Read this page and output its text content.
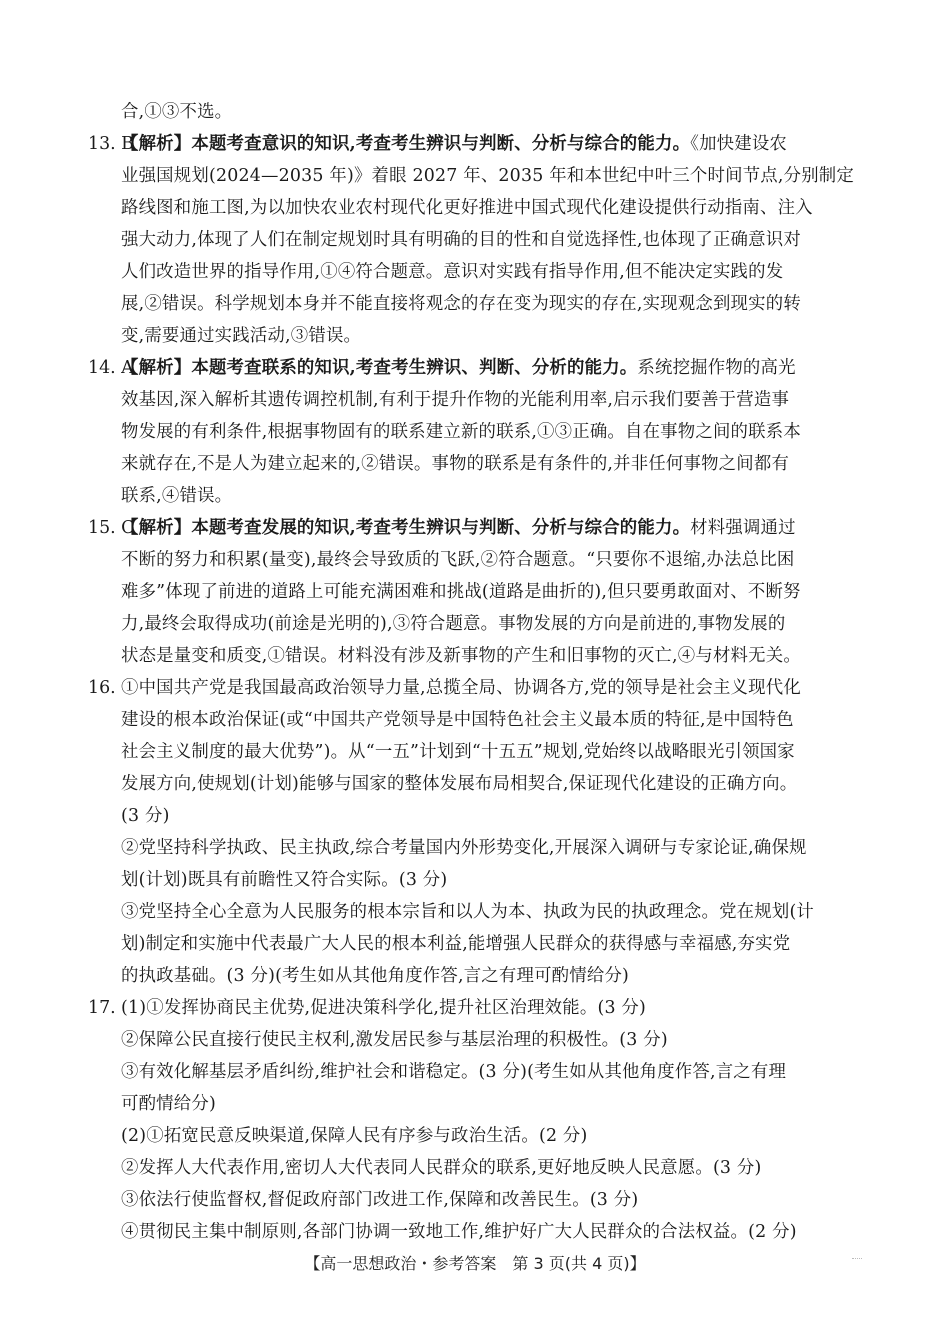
合,①③不选。
13. B
【解析】本题考查意识的知识,考查考生辨识与判断、分析与综合的能力。《加快建设农
业强国规划(2024—2035 年)》着眼 2027 年、2035 年和本世纪中叶三个时间节点,分别制定
路线图和施工图,为以加快农业农村现代化更好推进中国式现代化建设提供行动指南、注入
强大动力,体现了人们在制定规划时具有明确的目的性和自觉选择性,也体现了正确意识对
人们改造世界的指导作用,①④符合题意。意识对实践有指导作用,但不能决定实践的发
展,②错误。科学规划本身并不能直接将观念的存在变为现实的存在,实现观念到现实的转
变,需要通过实践活动,③错误。
14. A
【解析】本题考查联系的知识,考查考生辨识、判断、分析的能力。系统挖掘作物的高光
效基因,深入解析其遗传调控机制,有利于提升作物的光能利用率,启示我们要善于营造事
物发展的有利条件,根据事物固有的联系建立新的联系,①③正确。自在事物之间的联系本
来就存在,不是人为建立起来的,②错误。事物的联系是有条件的,并非任何事物之间都有
联系,④错误。
15. C
【解析】本题考查发展的知识,考查考生辨识与判断、分析与综合的能力。材料强调通过
不断的努力和积累(量变),最终会导致质的飞跃,②符合题意。“只要你不退缩,办法总比困
难多”体现了前进的道路上可能充满困难和挑战(道路是曲折的),但只要勇敢面对、不断努
力,最终会取得成功(前途是光明的),③符合题意。事物发展的方向是前进的,事物发展的
状态是量变和质变,①错误。材料没有涉及新事物的产生和旧事物的灭亡,④与材料无关。
16. ①中国共产党是我国最高政治领导力量,总揽全局、协调各方,党的领导是社会主义现代化
建设的根本政治保证(或“中国共产党领导是中国特色社会主义最本质的特征,是中国特色
社会主义制度的最大优势”)。从“一五”计划到“十五五”规划,党始终以战略眼光引领国家
发展方向,使规划(计划)能够与国家的整体发展布局相契合,保证现代化建设的正确方向。
(3 分)
②党坚持科学执政、民主执政,综合考量国内外形势变化,开展深入调研与专家论证,确保规
划(计划)既具有前瞻性又符合实际。(3 分)
③党坚持全心全意为人民服务的根本宗旨和以人为本、执政为民的执政理念。党在规划(计
划)制定和实施中代表最广大人民的根本利益,能增强人民群众的获得感与幸福感,夯实党
的执政基础。(3 分)(考生如从其他角度作答,言之有理可酌情给分)
17. (1)①发挥协商民主优势,促进决策科学化,提升社区治理效能。(3 分)
②保障公民直接行使民主权利,激发居民参与基层治理的积极性。(3 分)
③有效化解基层矛盾纠纷,维护社会和谐稳定。(3 分)(考生如从其他角度作答,言之有理
可酌情给分)
(2)①拓宽民意反映渠道,保障人民有序参与政治生活。(2 分)
②发挥人大代表作用,密切人大代表同人民群众的联系,更好地反映人民意愿。(3 分)
③依法行使监督权,督促政府部门改进工作,保障和改善民生。(3 分)
④贯彻民主集中制原则,各部门协调一致地工作,维护好广大人民群众的合法权益。(2 分)
【高一思想政治・参考答案　第 3 页(共 4 页)】
